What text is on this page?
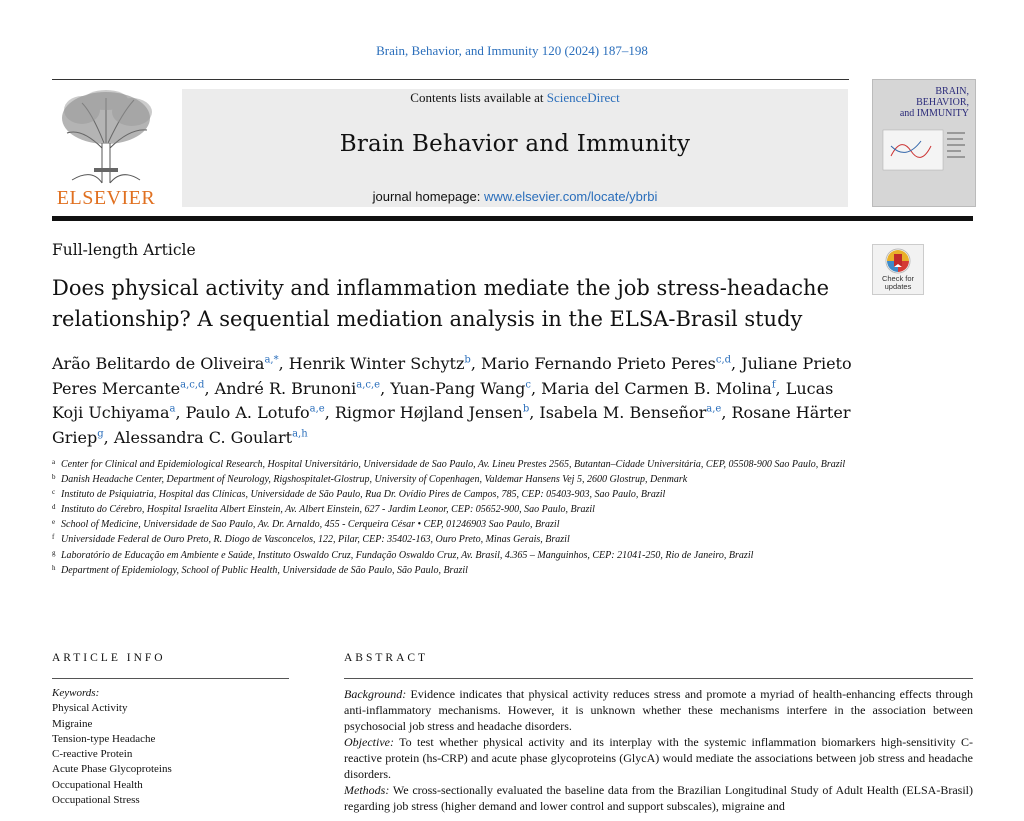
Brain, Behavior, and Immunity 120 (2024) 187–198
ELSEVIER
Contents lists available at ScienceDirect
Brain Behavior and Immunity
journal homepage: www.elsevier.com/locate/ybrbi
BRAIN,
BEHAVIOR,
and IMMUNITY
Full-length Article
Check for
updates
Does physical activity and inflammation mediate the job stress-headache relationship? A sequential mediation analysis in the ELSA-Brasil study
Arão Belitardo de Oliveira$^{a,*}$, Henrik Winter Schytz$^b$, Mario Fernando Prieto Peres$^{c,d}$, Juliane Prieto Peres Mercante$^{a,c,d}$, André R. Brunoni$^{a,c,e}$, Yuan-Pang Wang$^c$, Maria del Carmen B. Molina$^f$, Lucas Koji Uchiyama$^a$, Paulo A. Lotufo$^{a,e}$, Rigmor Højland Jensen$^b$, Isabela M. Benseñor$^{a,e}$, Rosane Härter Griep$^g$, Alessandra C. Goulart$^{a,h}$
a Center for Clinical and Epidemiological Research, Hospital Universitário, Universidade de Sao Paulo, Av. Lineu Prestes 2565, Butantan–Cidade Universitária, CEP, 05508-900 Sao Paulo, Brazil
b Danish Headache Center, Department of Neurology, Rigshospitalet-Glostrup, University of Copenhagen, Valdemar Hansens Vej 5, 2600 Glostrup, Denmark
c Instituto de Psiquiatria, Hospital das Clínicas, Universidade de São Paulo, Rua Dr. Ovídio Pires de Campos, 785, CEP: 05403-903, Sao Paulo, Brazil
d Instituto do Cérebro, Hospital Israelita Albert Einstein, Av. Albert Einstein, 627 - Jardim Leonor, CEP: 05652-900, Sao Paulo, Brazil
e School of Medicine, Universidade de Sao Paulo, Av. Dr. Arnaldo, 455 - Cerqueira César • CEP, 01246903 Sao Paulo, Brazil
f Universidade Federal de Ouro Preto, R. Diogo de Vasconcelos, 122, Pilar, CEP: 35402-163, Ouro Preto, Minas Gerais, Brazil
g Laboratório de Educação em Ambiente e Saúde, Instituto Oswaldo Cruz, Fundação Oswaldo Cruz, Av. Brasil, 4.365 – Manguinhos, CEP: 21041-250, Rio de Janeiro, Brazil
h Department of Epidemiology, School of Public Health, Universidade de São Paulo, São Paulo, Brazil
ARTICLE INFO	ABSTRACT
Keywords:
Physical Activity
Migraine
Tension-type Headache
C-reactive Protein
Acute Phase Glycoproteins
Occupational Health
Occupational Stress

Background: Evidence indicates that physical activity reduces stress and promote a myriad of health-enhancing effects through anti-inflammatory mechanisms. However, it is unknown whether these mechanisms interfere in the association between psychosocial job stress and headache disorders.

Objective: To test whether physical activity and its interplay with the systemic inflammation biomarkers high-sensitivity C-reactive protein (hs-CRP) and acute phase glycoproteins (GlycA) would mediate the associations between job stress and headache disorders.

Methods: We cross-sectionally evaluated the baseline data from the Brazilian Longitudinal Study of Adult Health (ELSA-Brasil) regarding job stress (higher demand and lower control and support subscales), migraine and
